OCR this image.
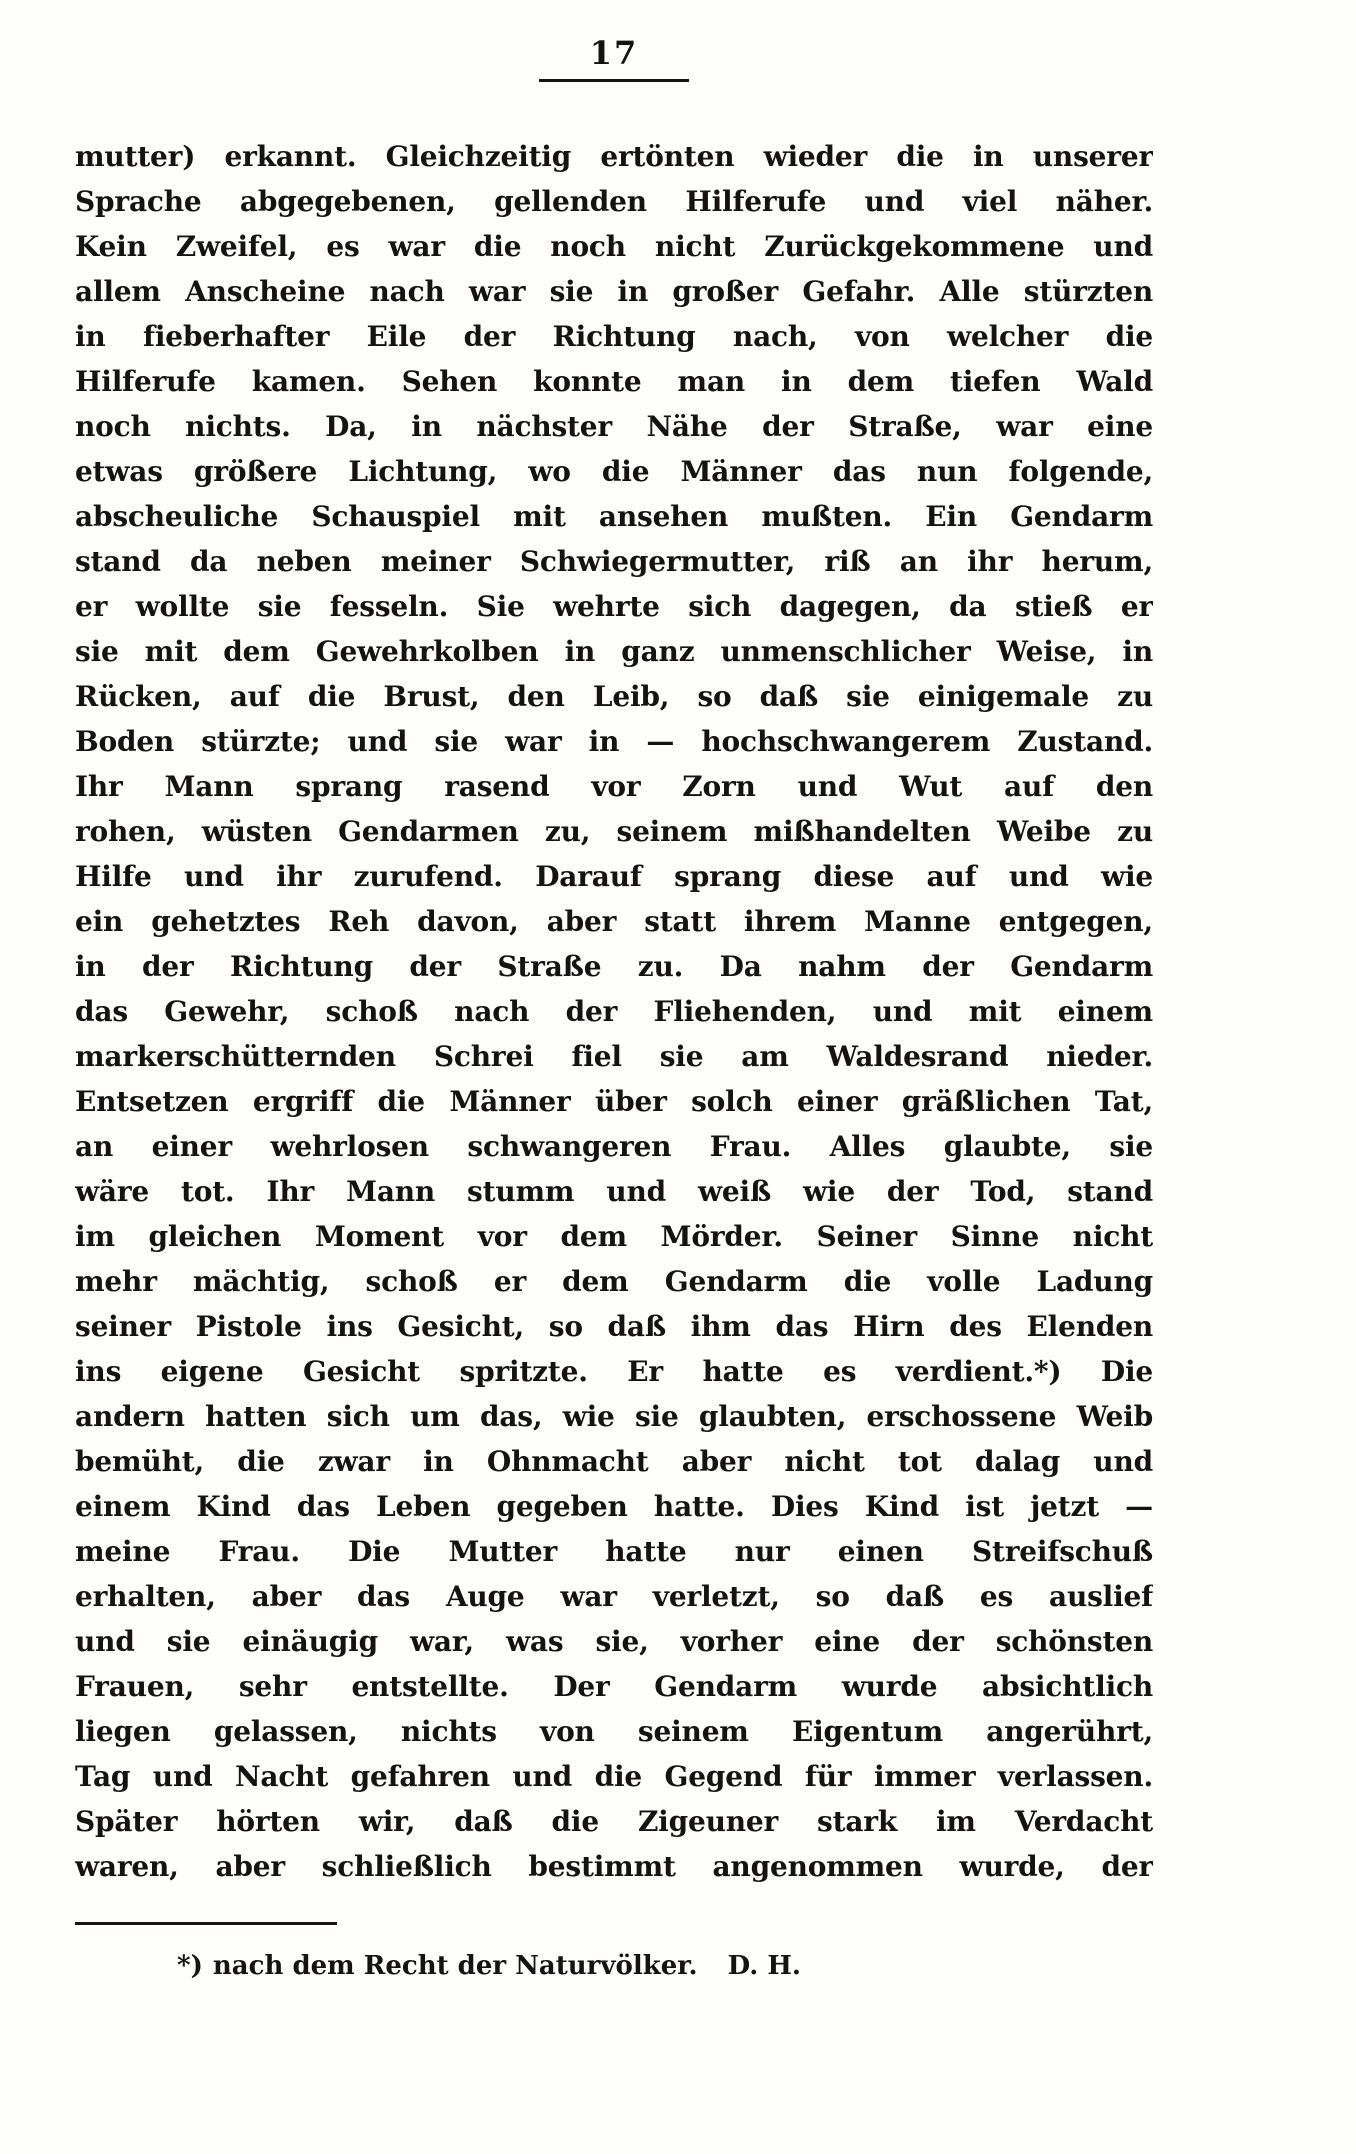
17
mutter) erkannt. Gleichzeitig ertönten wieder die in unserer
Sprache abgegebenen, gellenden Hilferufe und viel näher.
Kein Zweifel, es war die noch nicht Zurückgekommene und
allem Anscheine nach war sie in großer Gefahr. Alle stürzten
in fieberhafter Eile der Richtung nach, von welcher die
Hilferufe kamen. Sehen konnte man in dem tiefen Wald
noch nichts. Da, in nächster Nähe der Straße, war eine
etwas größere Lichtung, wo die Männer das nun folgende,
abscheuliche Schauspiel mit ansehen mußten. Ein Gendarm
stand da neben meiner Schwiegermutter, riß an ihr herum,
er wollte sie fesseln. Sie wehrte sich dagegen, da stieß er
sie mit dem Gewehrkolben in ganz unmenschlicher Weise, in
Rücken, auf die Brust, den Leib, so daß sie einigemale zu
Boden stürzte; und sie war in — hochschwangerem Zustand.
Ihr Mann sprang rasend vor Zorn und Wut auf den
rohen, wüsten Gendarmen zu, seinem mißhandelten Weibe zu
Hilfe und ihr zurufend. Darauf sprang diese auf und wie
ein gehetztes Reh davon, aber statt ihrem Manne entgegen,
in der Richtung der Straße zu. Da nahm der Gendarm
das Gewehr, schoß nach der Fliehenden, und mit einem
markerschütternden Schrei fiel sie am Waldesrand nieder.
Entsetzen ergriff die Männer über solch einer gräßlichen Tat,
an einer wehrlosen schwangeren Frau. Alles glaubte, sie
wäre tot. Ihr Mann stumm und weiß wie der Tod, stand
im gleichen Moment vor dem Mörder. Seiner Sinne nicht
mehr mächtig, schoß er dem Gendarm die volle Ladung
seiner Pistole ins Gesicht, so daß ihm das Hirn des Elenden
ins eigene Gesicht spritzte. Er hatte es verdient.*) Die
andern hatten sich um das, wie sie glaubten, erschossene Weib
bemüht, die zwar in Ohnmacht aber nicht tot dalag und
einem Kind das Leben gegeben hatte. Dies Kind ist jetzt —
meine Frau. Die Mutter hatte nur einen Streifschuß
erhalten, aber das Auge war verletzt, so daß es auslief
und sie einäugig war, was sie, vorher eine der schönsten
Frauen, sehr entstellte. Der Gendarm wurde absichtlich
liegen gelassen, nichts von seinem Eigentum angerührt,
Tag und Nacht gefahren und die Gegend für immer verlassen.
Später hörten wir, daß die Zigeuner stark im Verdacht
waren, aber schließlich bestimmt angenommen wurde, der
*) nach dem Recht der Naturvölker. D. H.
